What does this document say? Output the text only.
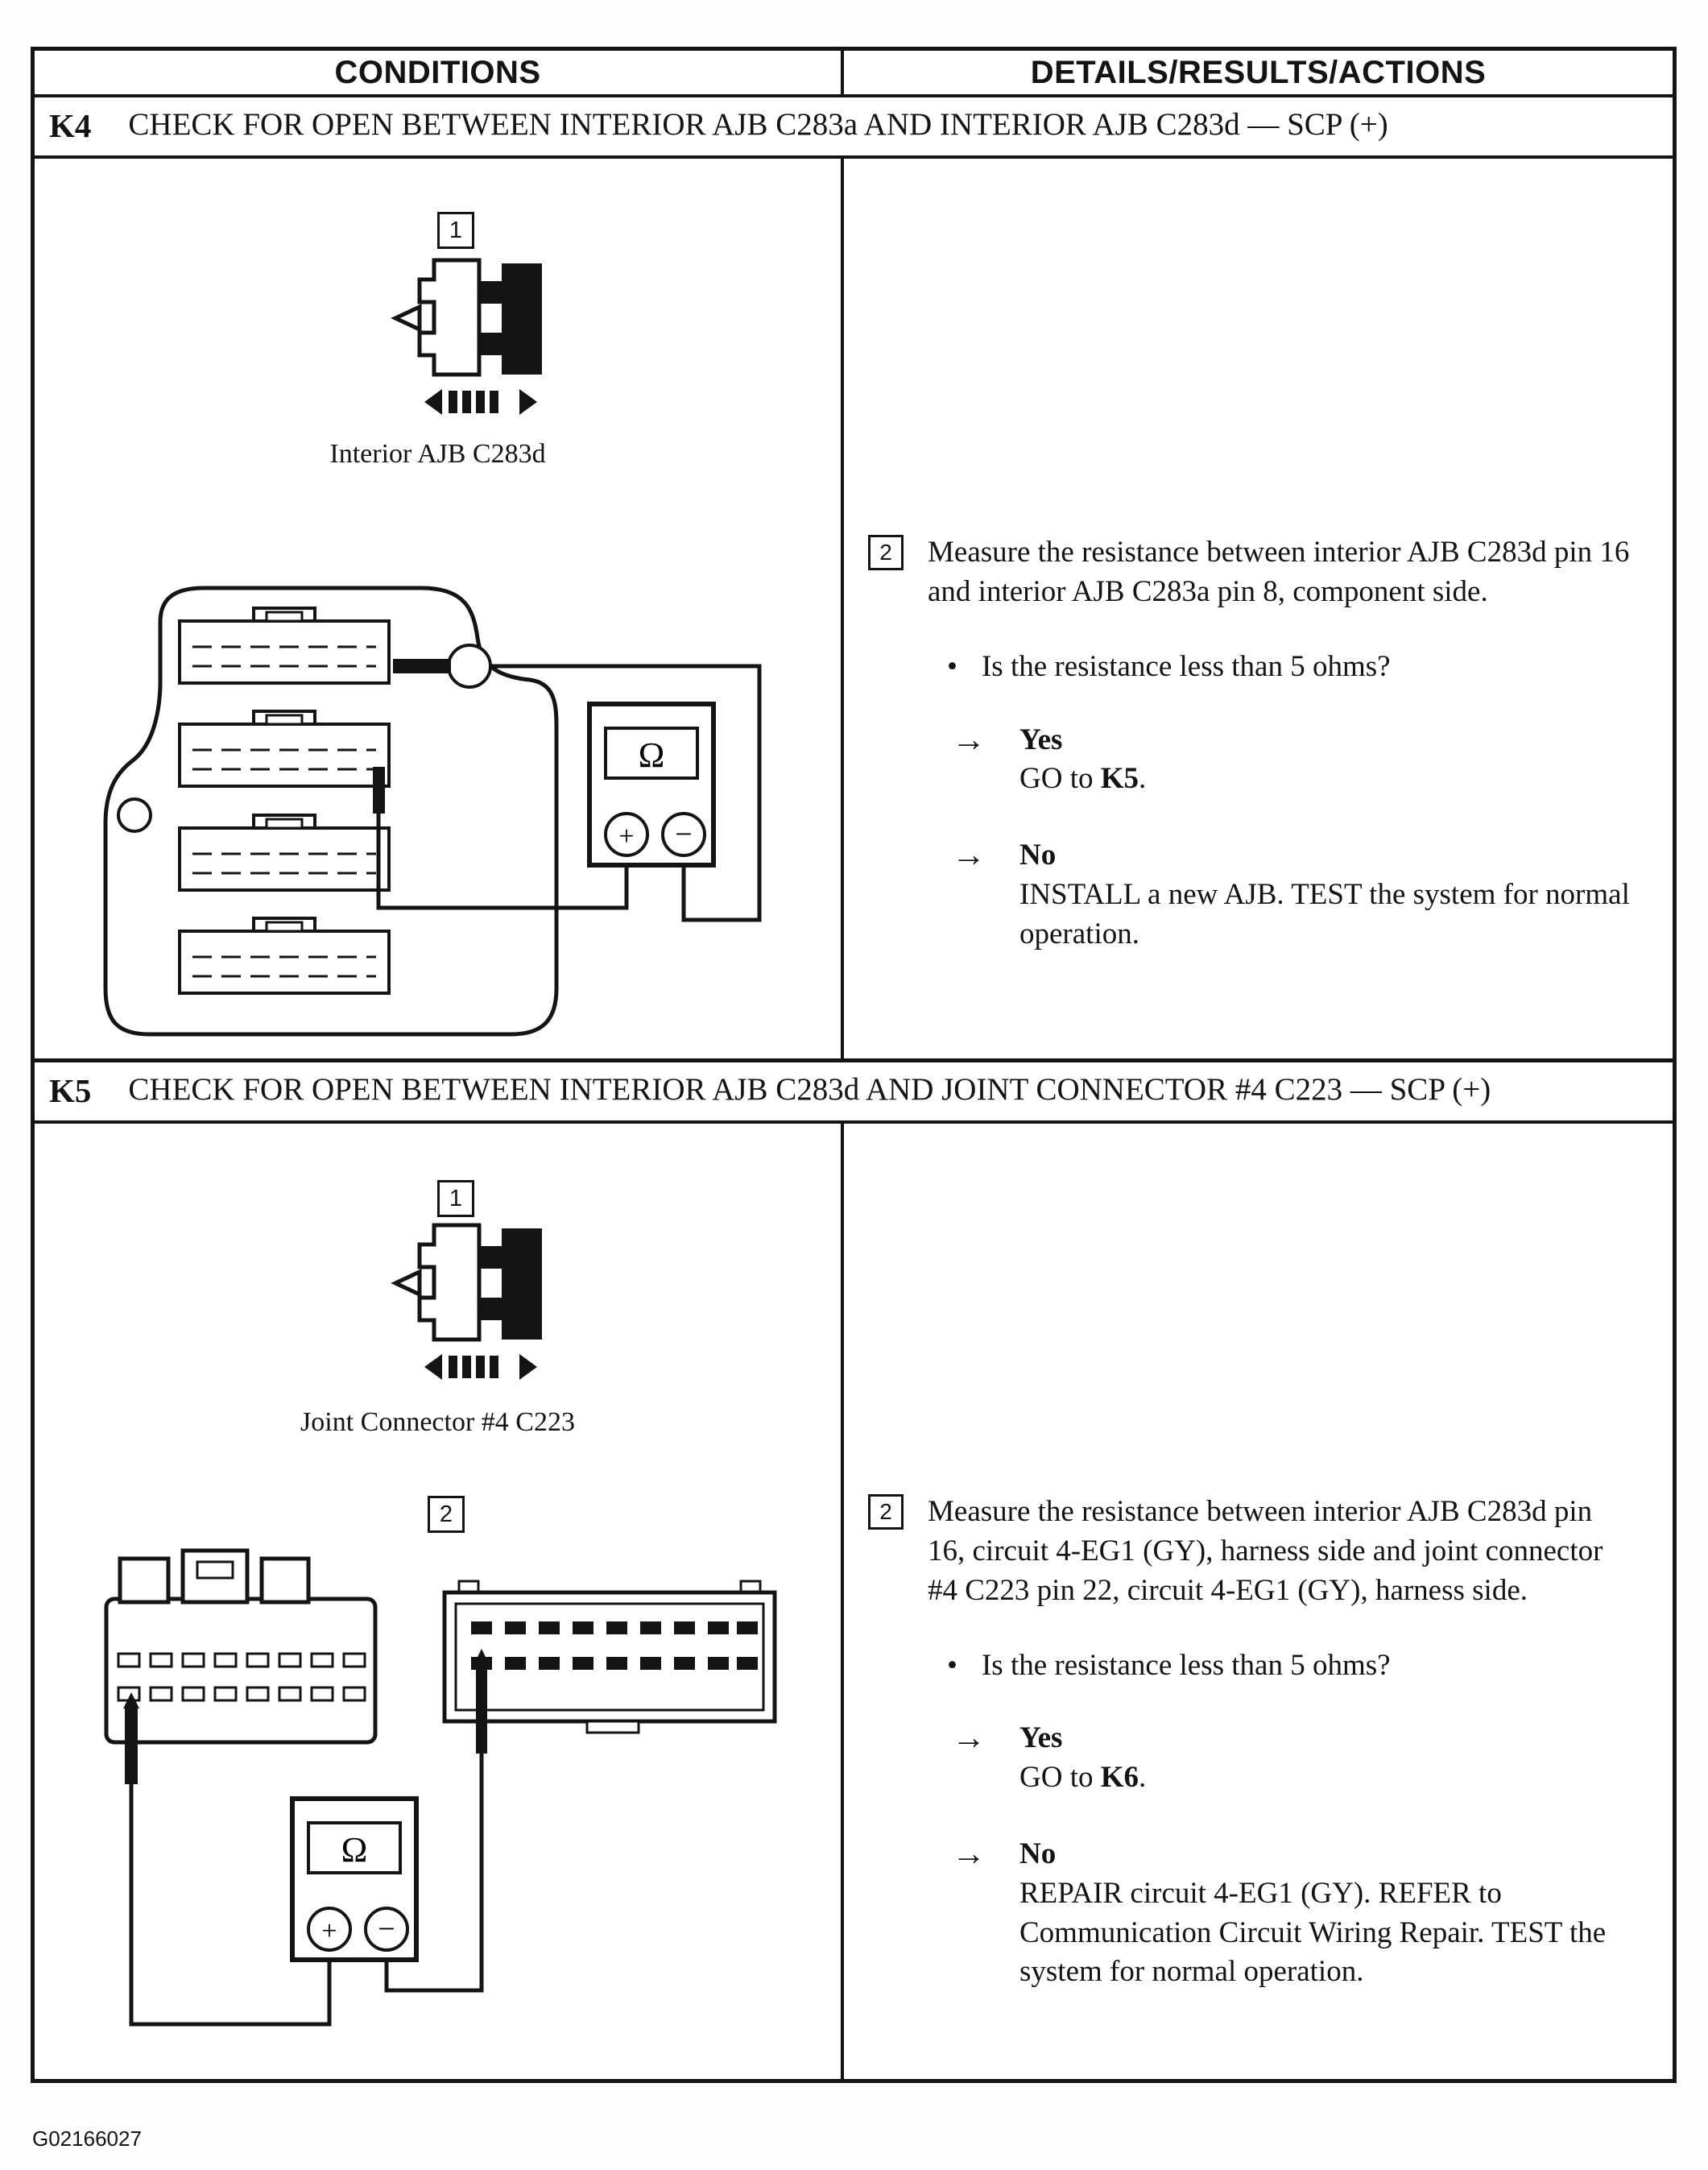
CONDITIONS	DETAILS/RESULTS/ACTIONS
K4 CHECK FOR OPEN BETWEEN INTERIOR AJB C283a AND INTERIOR AJB C283d — SCP (+)
1
Interior AJB C283d
Ω
+ −
2	Measure the resistance between interior AJB C283d pin 16 and interior AJB C283a pin 8, component side.

• Is the resistance less than 5 ohms?
→ Yes
GO to K5.
→ No
INSTALL a new AJB. TEST the system for normal operation.
K5 CHECK FOR OPEN BETWEEN INTERIOR AJB C283d AND JOINT CONNECTOR #4 C223 — SCP (+)
1
Joint Connector #4 C223
2
Ω
+ −
2	Measure the resistance between interior AJB C283d pin 16, circuit 4-EG1 (GY), harness side and joint connector #4 C223 pin 22, circuit 4-EG1 (GY), harness side.

• Is the resistance less than 5 ohms?
→ Yes
GO to K6.
→ No
REPAIR circuit 4-EG1 (GY). REFER to Communication Circuit Wiring Repair. TEST the system for normal operation.
G02166027
